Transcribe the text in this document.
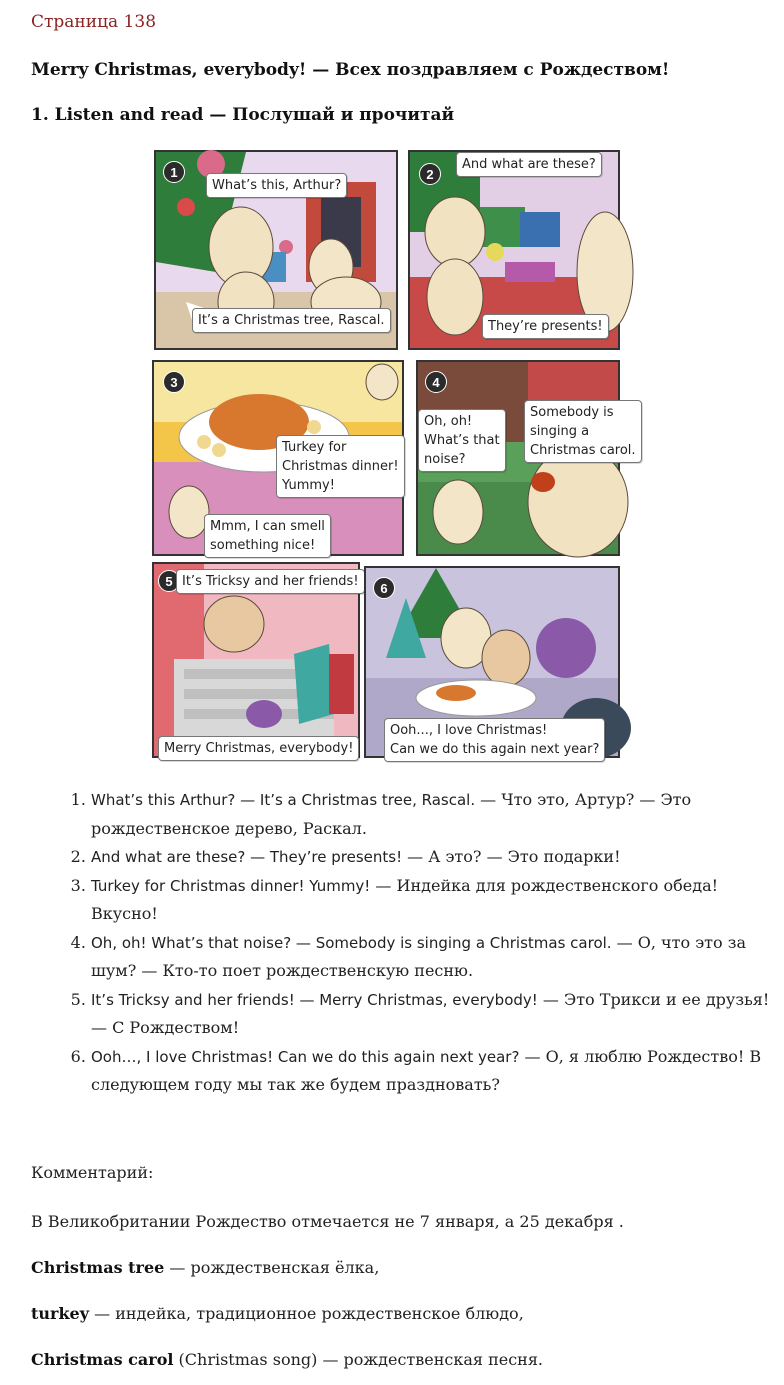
Страница 138
Merry Christmas, everybody! — Всех поздравляем с Рождеством!
1. Listen and read — Послушай и прочитай
1
What’s this, Arthur?
It’s a Christmas tree, Rascal.
2
And what are these?
They’re presents!
3
Turkey for
Christmas dinner!
Yummy!
Mmm, I can smell
something nice!
4
Oh, oh!
What’s that
noise?
Somebody is
singing a
Christmas carol.
5 It’s Tricksy and her friends!
Merry Christmas, everybody!
6
Ooh..., I love Christmas!
Can we do this again next year?
1. What’s this Arthur? — It’s a Christmas tree, Rascal. — Что это, Артур? — Это рождественское дерево, Раскал.
2. And what are these? — They’re presents! — А это? — Это подарки!
3. Turkey for Christmas dinner! Yummy! — Индейка для рождественского обеда! Вкусно!
4. Oh, oh! What’s that noise? — Somebody is singing a Christmas carol. — О, что это за шум? — Кто-то поет рождественскую песню.
5. It’s Tricksy and her friends! — Merry Christmas, everybody! — Это Трикси и ее друзья! — С Рождеством!
6. Ooh…, I love Christmas! Can we do this again next year? — О, я люблю Рождество! В следующем году мы так же будем праздновать?
Комментарий:
В Великобритании Рождество отмечается не 7 января, а 25 декабря .
Christmas tree — рождественская ёлка,
turkey — индейка, традиционное рождественское блюдо,
Christmas carol (Christmas song) — рождественская песня.
